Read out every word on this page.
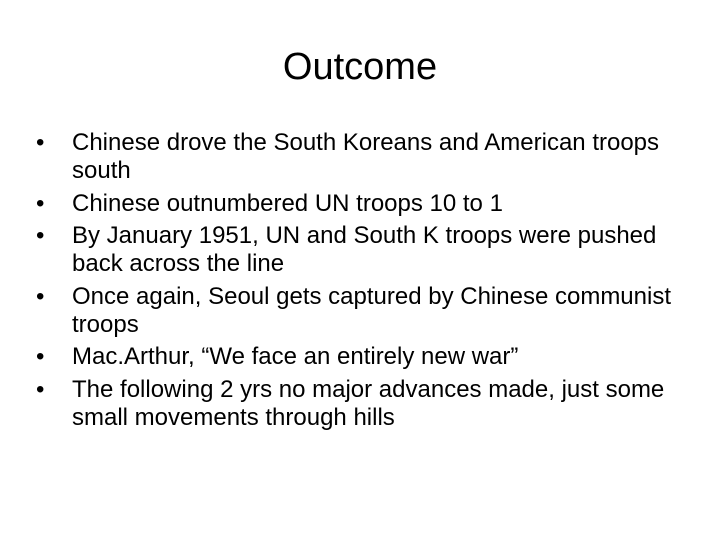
Outcome
•	Chinese drove the South Koreans and American troops south
•	Chinese outnumbered UN troops 10 to 1
•	By January 1951, UN and South K troops were pushed back across the line
•	Once again, Seoul gets captured by Chinese communist troops
•	Mac.Arthur, “We face an entirely new war”
•	The following 2 yrs no major advances made, just some small movements through hills
